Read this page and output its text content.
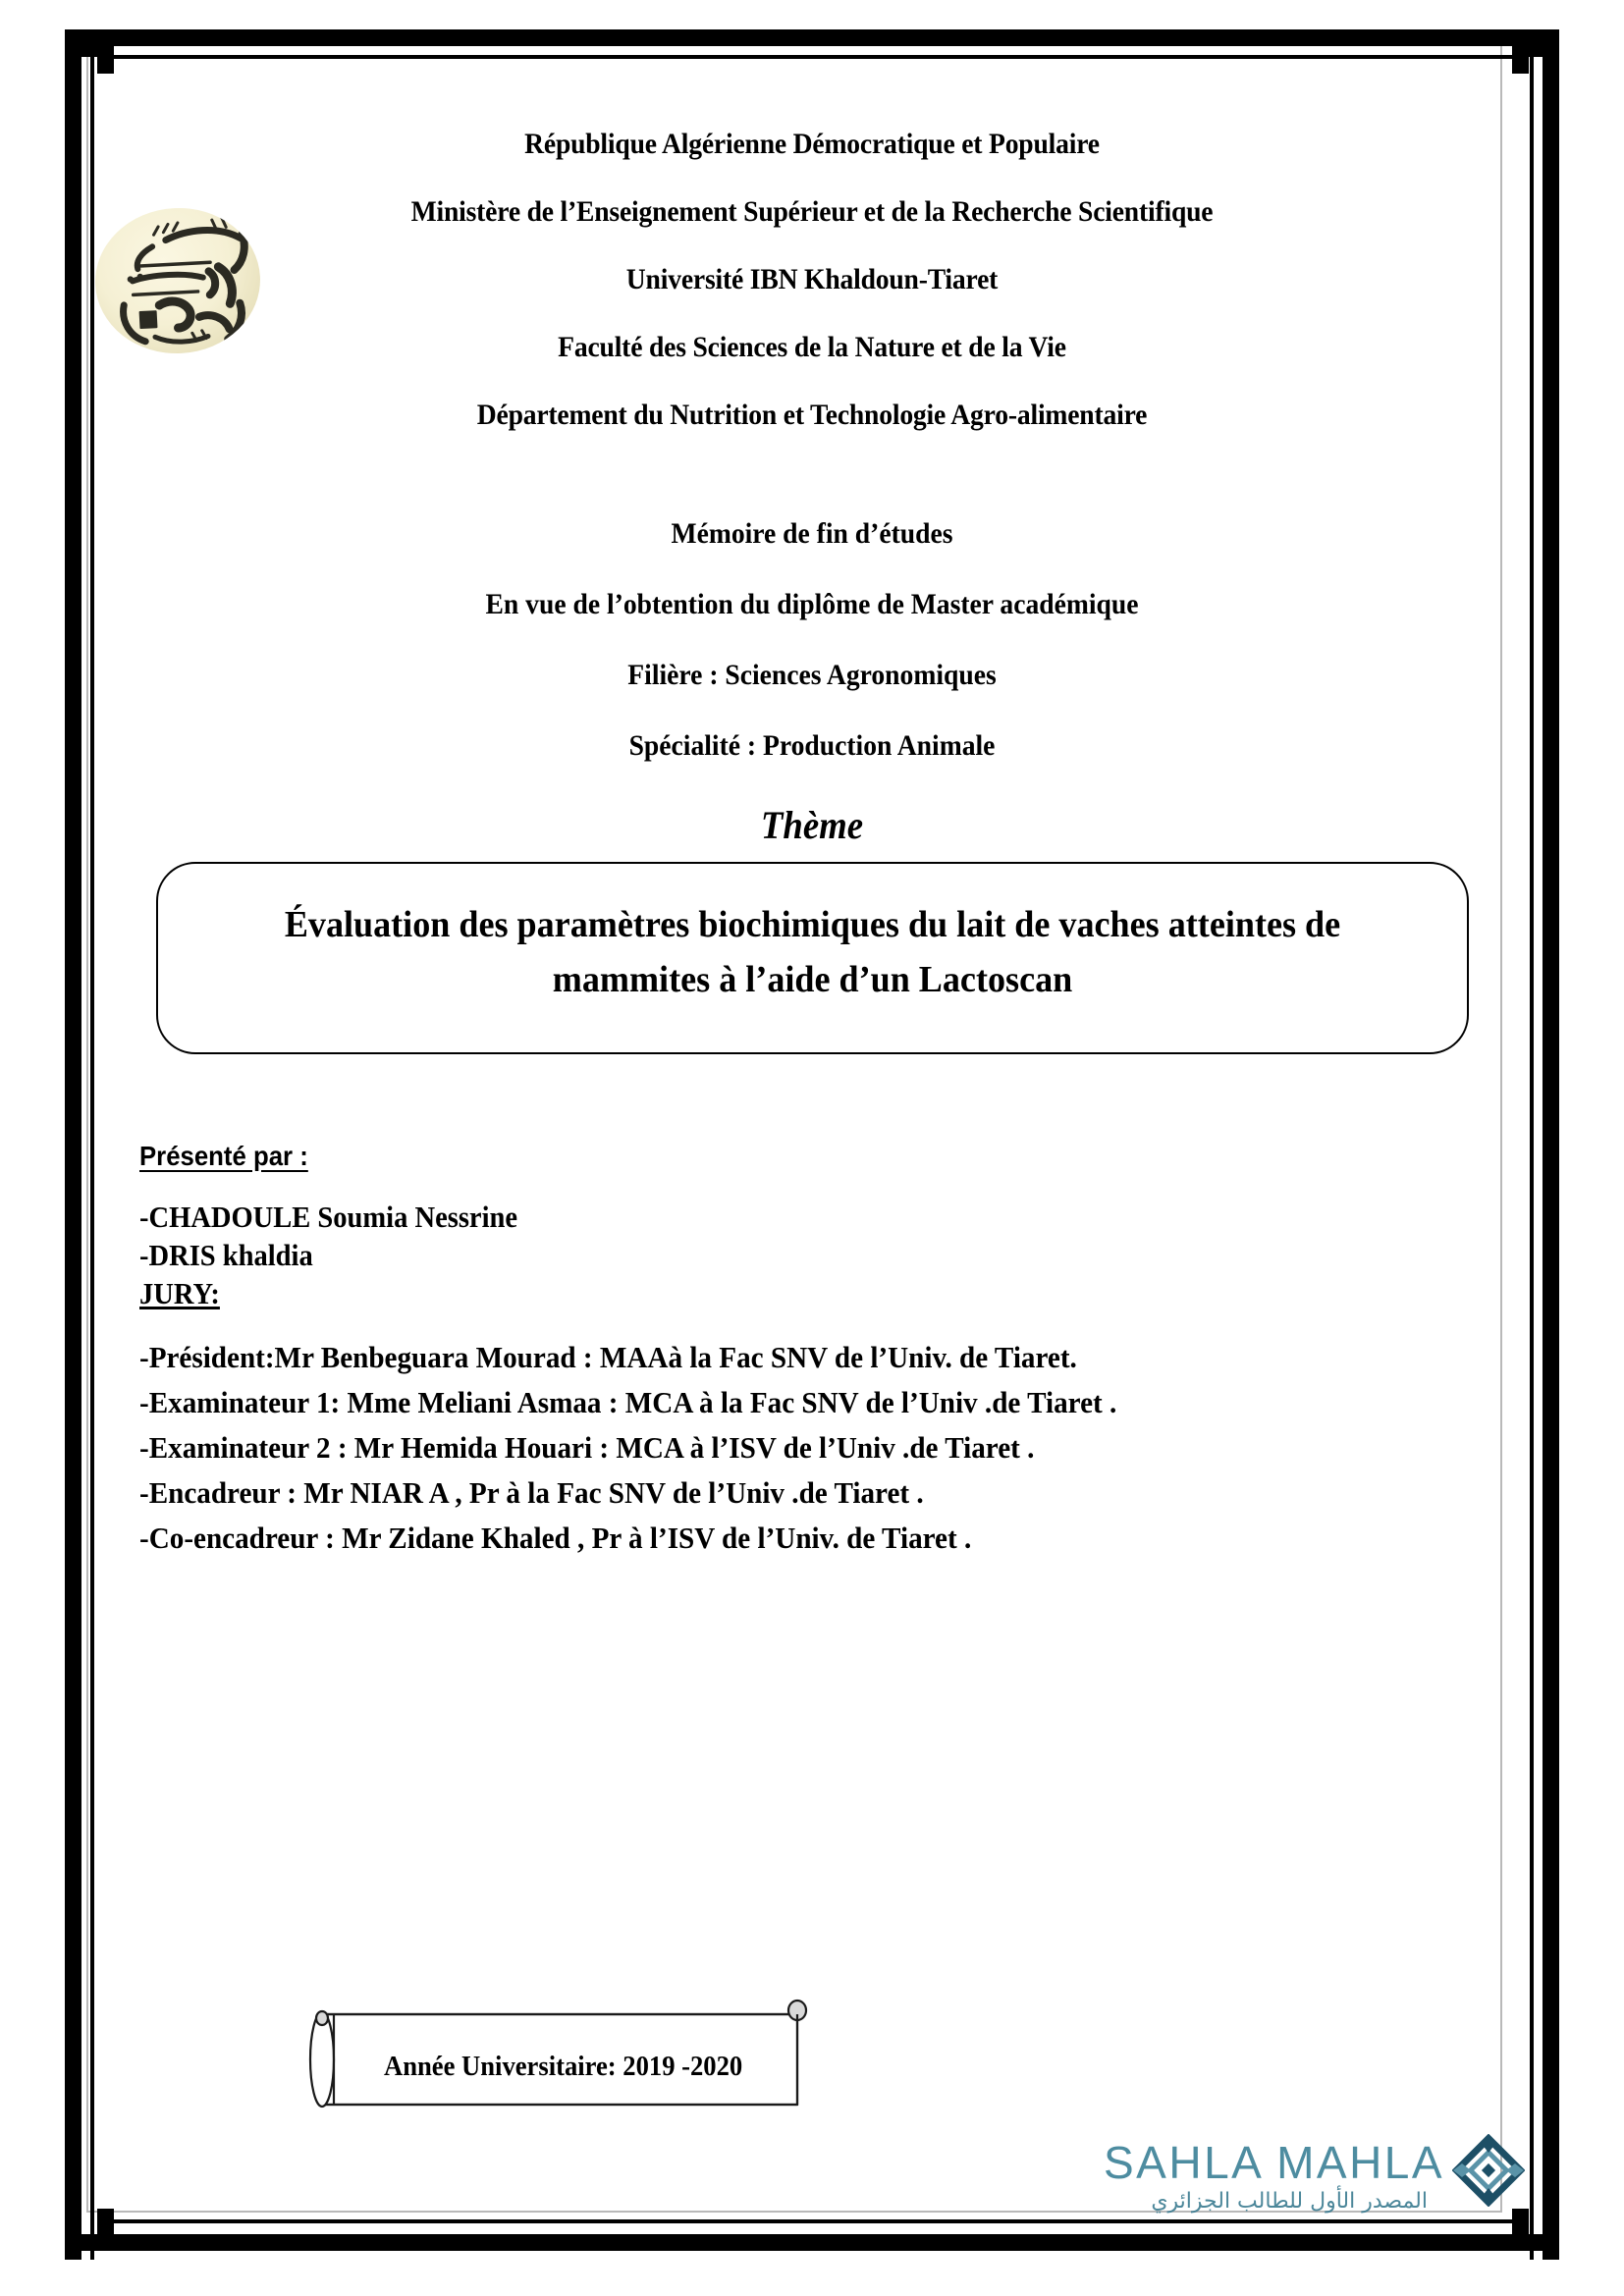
République Algérienne Démocratique et Populaire
Ministère de l’Enseignement Supérieur et de la Recherche Scientifique
Université IBN Khaldoun-Tiaret
Faculté des Sciences de la Nature et de la Vie
Département du Nutrition et Technologie Agro-alimentaire
Mémoire de fin d’études
En vue de l’obtention du diplôme de Master académique
Filière : Sciences Agronomiques
Spécialité : Production Animale
Thème
Évaluation des paramètres biochimiques du lait de vaches atteintes de mammites à l’aide d’un Lactoscan
Présenté par :
-CHADOULE Soumia Nessrine
-DRIS khaldia
JURY:
-Président:Mr Benbeguara Mourad : MAAà la Fac SNV de l’Univ. de Tiaret.
-Examinateur 1: Mme Meliani Asmaa : MCA à la Fac SNV de l’Univ .de Tiaret .
-Examinateur 2 : Mr Hemida Houari : MCA à l’ISV de l’Univ .de Tiaret .
-Encadreur : Mr NIAR A , Pr à la Fac SNV de l’Univ .de Tiaret .
-Co-encadreur : Mr Zidane Khaled , Pr à l’ISV de l’Univ. de Tiaret .
Année Universitaire: 2019 -2020
SAHLA MAHLA
المصدر الأول للطالب الجزائري
